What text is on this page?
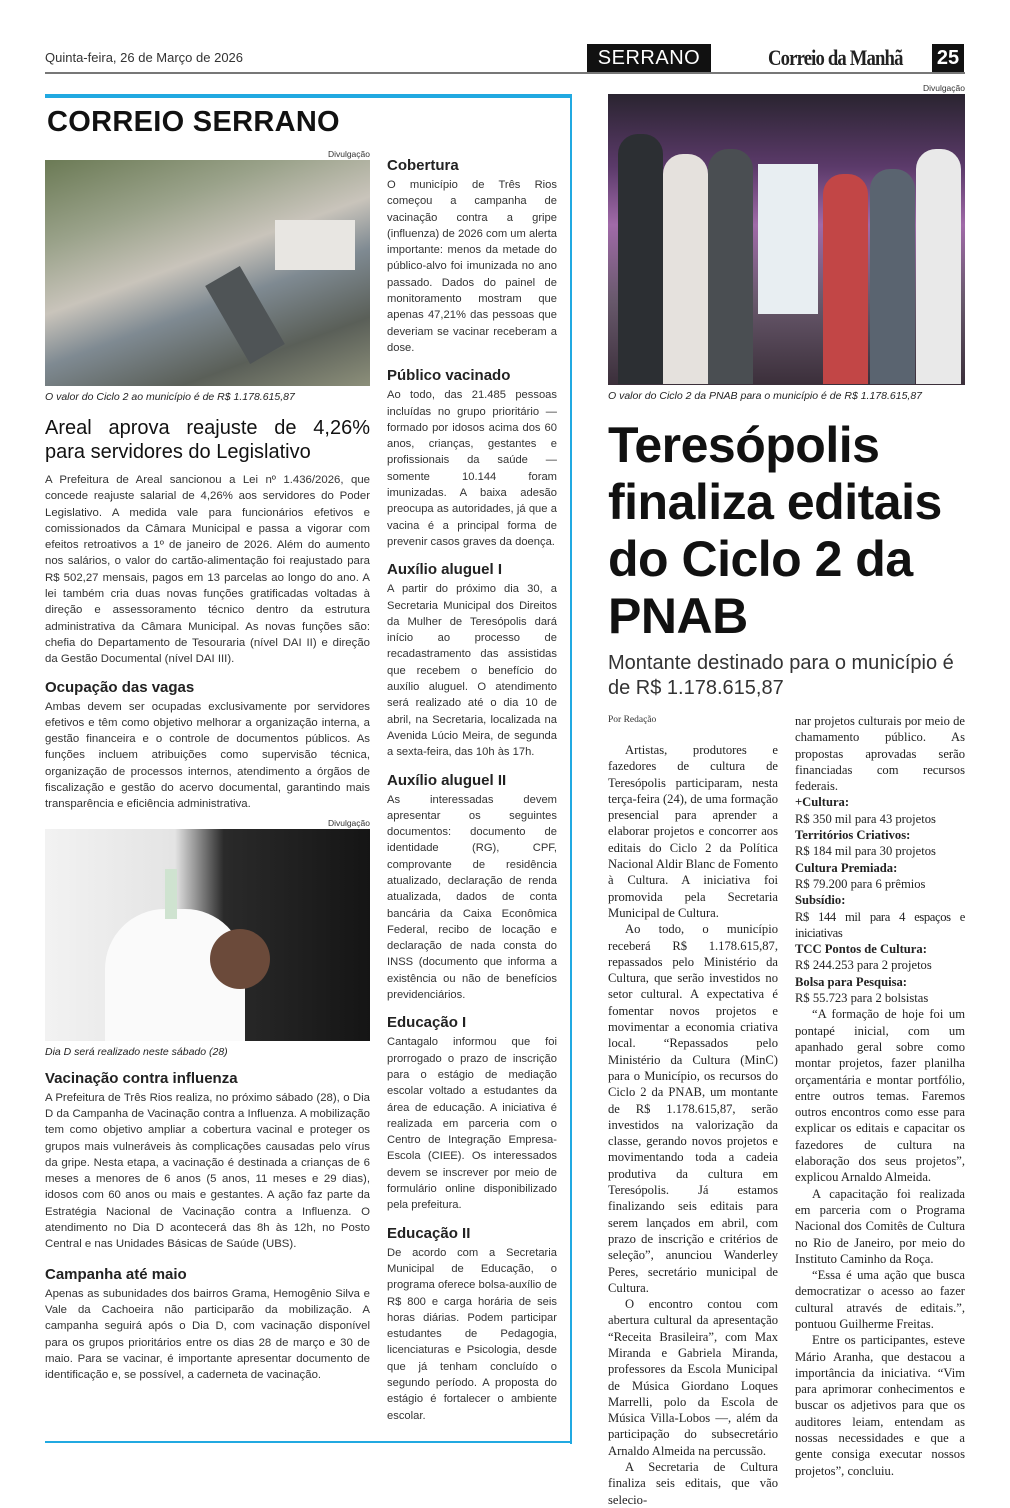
Quinta-feira, 26 de Março de 2026	SERRANO	Correio da Manhã 25
CORREIO SERRANO
Divulgação
O valor do Ciclo 2 ao município é de R$ 1.178.615,87
Areal aprova reajuste de 4,26% para servidores do Legislativo

A Prefeitura de Areal sancionou a Lei nº 1.436/2026, que concede reajuste salarial de 4,26% aos servidores do Poder Legislativo. A medida vale para funcionários efetivos e comissionados da Câmara Municipal e passa a vigorar com efeitos retroativos a 1º de janeiro de 2026. Além do aumento nos salários, o valor do cartão-alimentação foi reajustado para R$ 502,27 mensais, pagos em 13 parcelas ao longo do ano. A lei também cria duas novas funções gratificadas voltadas à direção e assessoramento técnico dentro da estrutura administrativa da Câmara Municipal. As novas funções são: chefia do Departamento de Tesouraria (nível DAI II) e direção da Gestão Documental (nível DAI III).

Ocupação das vagas

Ambas devem ser ocupadas exclusivamente por servidores efetivos e têm como objetivo melhorar a organização interna, a gestão financeira e o controle de documentos públicos. As funções incluem atribuições como supervisão técnica, organização de processos internos, atendimento a órgãos de fiscalização e gestão do acervo documental, garantindo mais transparência e eficiência administrativa.

Divulgação
Dia D será realizado neste sábado (28)
Vacinação contra influenza

A Prefeitura de Três Rios realiza, no próximo sábado (28), o Dia D da Campanha de Vacinação contra a Influenza. A mobilização tem como objetivo ampliar a cobertura vacinal e proteger os grupos mais vulneráveis às complicações causadas pelo vírus da gripe. Nesta etapa, a vacinação é destinada a crianças de 6 meses a menores de 6 anos (5 anos, 11 meses e 29 dias), idosos com 60 anos ou mais e gestantes. A ação faz parte da Estratégia Nacional de Vacinação contra a Influenza. O atendimento no Dia D acontecerá das 8h às 12h, no Posto Central e nas Unidades Básicas de Saúde (UBS).

Campanha até maio

Apenas as subunidades dos bairros Grama, Hemogênio Silva e Vale da Cachoeira não participarão da mobilização. A campanha seguirá após o Dia D, com vacinação disponível para os grupos prioritários entre os dias 28 de março e 30 de maio. Para se vacinar, é importante apresentar documento de identificação e, se possível, a caderneta de vacinação.

Cobertura

O município de Três Rios começou a campanha de vacinação contra a gripe (influenza) de 2026 com um alerta importante: menos da metade do público-alvo foi imunizada no ano passado. Dados do painel de monitoramento mostram que apenas 47,21% das pessoas que deveriam se vacinar receberam a dose.

Público vacinado

Ao todo, das 21.485 pessoas incluídas no grupo prioritário — formado por idosos acima dos 60 anos, crianças, gestantes e profissionais da saúde — somente 10.144 foram imunizadas. A baixa adesão preocupa as autoridades, já que a vacina é a principal forma de prevenir casos graves da doença.

Auxílio aluguel I

A partir do próximo dia 30, a Secretaria Municipal dos Direitos da Mulher de Teresópolis dará início ao processo de recadastramento das assistidas que recebem o benefício do auxílio aluguel. O atendimento será realizado até o dia 10 de abril, na Secretaria, localizada na Avenida Lúcio Meira, de segunda a sexta-feira, das 10h às 17h.

Auxílio aluguel II

As interessadas devem apresentar os seguintes documentos: documento de identidade (RG), CPF, comprovante de residência atualizado, declaração de renda atualizada, dados de conta bancária da Caixa Econômica Federal, recibo de locação e declaração de nada consta do INSS (documento que informa a existência ou não de benefícios previdenciários.

Educação I

Cantagalo informou que foi prorrogado o prazo de inscrição para o estágio de mediação escolar voltado a estudantes da área de educação. A iniciativa é realizada em parceria com o Centro de Integração Empresa-Escola (CIEE). Os interessados devem se inscrever por meio de formulário online disponibilizado pela prefeitura.

Educação II

De acordo com a Secretaria Municipal de Educação, o programa oferece bolsa-auxílio de R$ 800 e carga horária de seis horas diárias. Podem participar estudantes de Pedagogia, licenciaturas e Psicologia, desde que já tenham concluído o segundo período. A proposta do estágio é fortalecer o ambiente escolar.

Divulgação
O valor do Ciclo 2 da PNAB para o município é de R$ 1.178.615,87
Teresópolis finaliza editais do Ciclo 2 da PNAB
Montante destinado para o município é de R$ 1.178.615,87
Por Redação

Artistas, produtores e fazedores de cultura de Teresópolis participaram, nesta terça-feira (24), de uma formação presencial para aprender a elaborar projetos e concorrer aos editais do Ciclo 2 da Política Nacional Aldir Blanc de Fomento à Cultura. A iniciativa foi promovida pela Secretaria Municipal de Cultura.

Ao todo, o município receberá R$ 1.178.615,87, repassados pelo Ministério da Cultura, que serão investidos no setor cultural. A expectativa é fomentar novos projetos e movimentar a economia criativa local. “Repassados pelo Ministério da Cultura (MinC) para o Município, os recursos do Ciclo 2 da PNAB, um montante de R$ 1.178.615,87, serão investidos na valorização da classe, gerando novos projetos e movimentando toda a cadeia produtiva da cultura em Teresópolis. Já estamos finalizando seis editais para serem lançados em abril, com prazo de inscrição e critérios de seleção”, anunciou Wanderley Peres, secretário municipal de Cultura.

O encontro contou com abertura cultural da apresentação “Receita Brasileira”, com Max Miranda e Gabriela Miranda, professores da Escola Municipal de Música Giordano Loques Marrelli, polo da Escola de Música Villa-Lobos —, além da participação do subsecretário Arnaldo Almeida na percussão.

A Secretaria de Cultura finaliza seis editais, que vão selecio-

nar projetos culturais por meio de chamamento público. As propostas aprovadas serão financiadas com recursos federais.

+Cultura:
R$ 350 mil para 43 projetos
Territórios Criativos:
R$ 184 mil para 30 projetos
Cultura Premiada:
R$ 79.200 para 6 prêmios
Subsídio:
R$ 144 mil para 4 espaços e iniciativas
TCC Pontos de Cultura:
R$ 244.253 para 2 projetos
Bolsa para Pesquisa:
R$ 55.723 para 2 bolsistas

“A formação de hoje foi um pontapé inicial, com um apanhado geral sobre como montar projetos, fazer planilha orçamentária e montar portfólio, entre outros temas. Faremos outros encontros como esse para explicar os editais e capacitar os fazedores de cultura na elaboração dos seus projetos”, explicou Arnaldo Almeida.

A capacitação foi realizada em parceria com o Programa Nacional dos Comitês de Cultura no Rio de Janeiro, por meio do Instituto Caminho da Roça.

“Essa é uma ação que busca democratizar o acesso ao fazer cultural através de editais.”, pontuou Guilherme Freitas.

Entre os participantes, esteve Mário Aranha, que destacou a importância da iniciativa. “Vim para aprimorar conhecimentos e buscar os adjetivos para que os auditores leiam, entendam as nossas necessidades e que a gente consiga executar nossos projetos”, concluiu.
